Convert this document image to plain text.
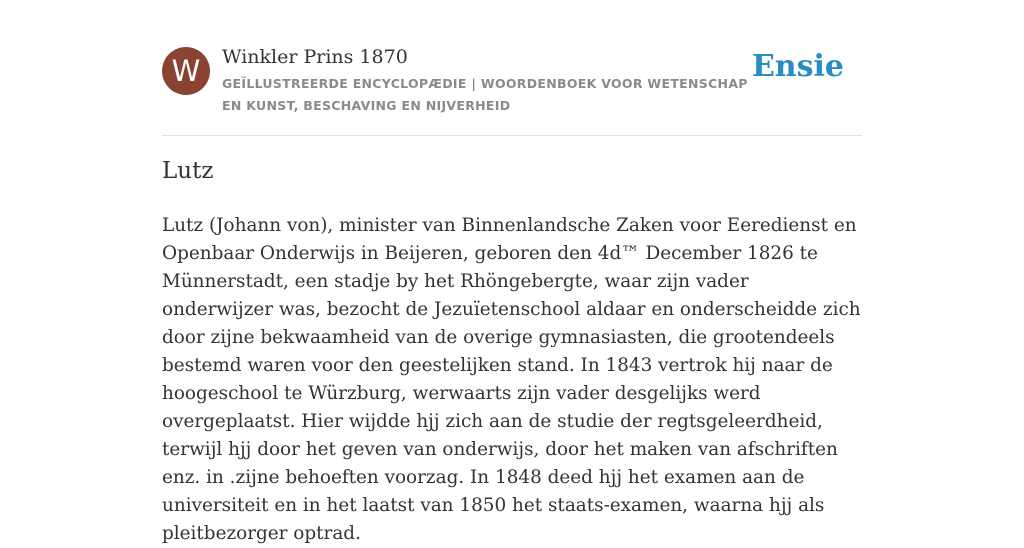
W	Winkler Prins 1870
GEÏLLUSTREERDE ENCYCLOPÆDIE | WOORDENBOEK VOOR WETENSCHAP EN KUNST, BESCHAVING EN NIJVERHEID
Ensie
Lutz

Lutz (Johann von), minister van Binnenlandsche Zaken voor Eeredienst en Openbaar Onderwijs in Beijeren, geboren den 4d™ December 1826 te Münnerstadt, een stadje by het Rhöngebergte, waar zijn vader onderwijzer was, bezocht de Jezuïetenschool aldaar en onderscheidde zich door zijne bekwaamheid van de overige gymnasiasten, die grootendeels bestemd waren voor den geestelijken stand. In 1843 vertrok hij naar de hoogeschool te Würzburg, werwaarts zijn vader desgelijks werd overgeplaatst. Hier wijdde hjj zich aan de studie der regtsgeleerdheid, terwijl hjj door het geven van onderwijs, door het maken van afschriften enz. in .zijne behoeften voorzag. In 1848 deed hjj het examen aan de universiteit en in het laatst van 1850 het staats-examen, waarna hjj als pleitbezorger optrad.
